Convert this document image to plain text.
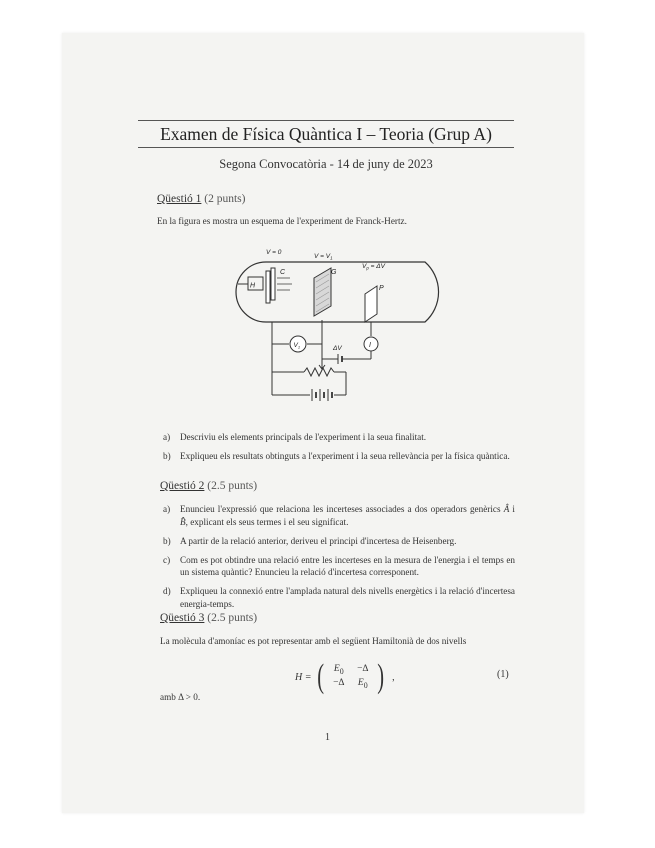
Examen de Física Quàntica I – Teoria (Grup A)
Segona Convocatòria - 14 de juny de 2023
Qüestió 1 (2 punts)
En la figura es mostra un esquema de l'experiment de Franck-Hertz.
H
C	G
P
V = 0
$V = V_1$
$V_p = \Delta V$
$V_1$	I
ΔV
a) Descriviu els elements principals de l'experiment i la seua finalitat.
b) Expliqueu els resultats obtinguts a l'experiment i la seua rellevància per la física quàntica.
Qüestió 2 (2.5 punts)
a) Enuncieu l'expressió que relaciona les incerteses associades a dos operadors genèrics Â i B̂, explicant els seus termes i el seu significat.
b) A partir de la relació anterior, deriveu el principi d'incertesa de Heisenberg.
c) Com es pot obtindre una relació entre les incerteses en la mesura de l'energia i el temps en un sistema quàntic? Enuncieu la relació d'incertesa corresponent.
d) Expliqueu la connexió entre l'amplada natural dels nivells energètics i la relació d'incertesa energia-temps.
Qüestió 3 (2.5 punts)
La molècula d'amoníac es pot representar amb el següent Hamiltonià de dos nivells
H = ( $E_0$	−Δ
−Δ	$E_0$ ) ,	(1)
amb Δ > 0.
1
